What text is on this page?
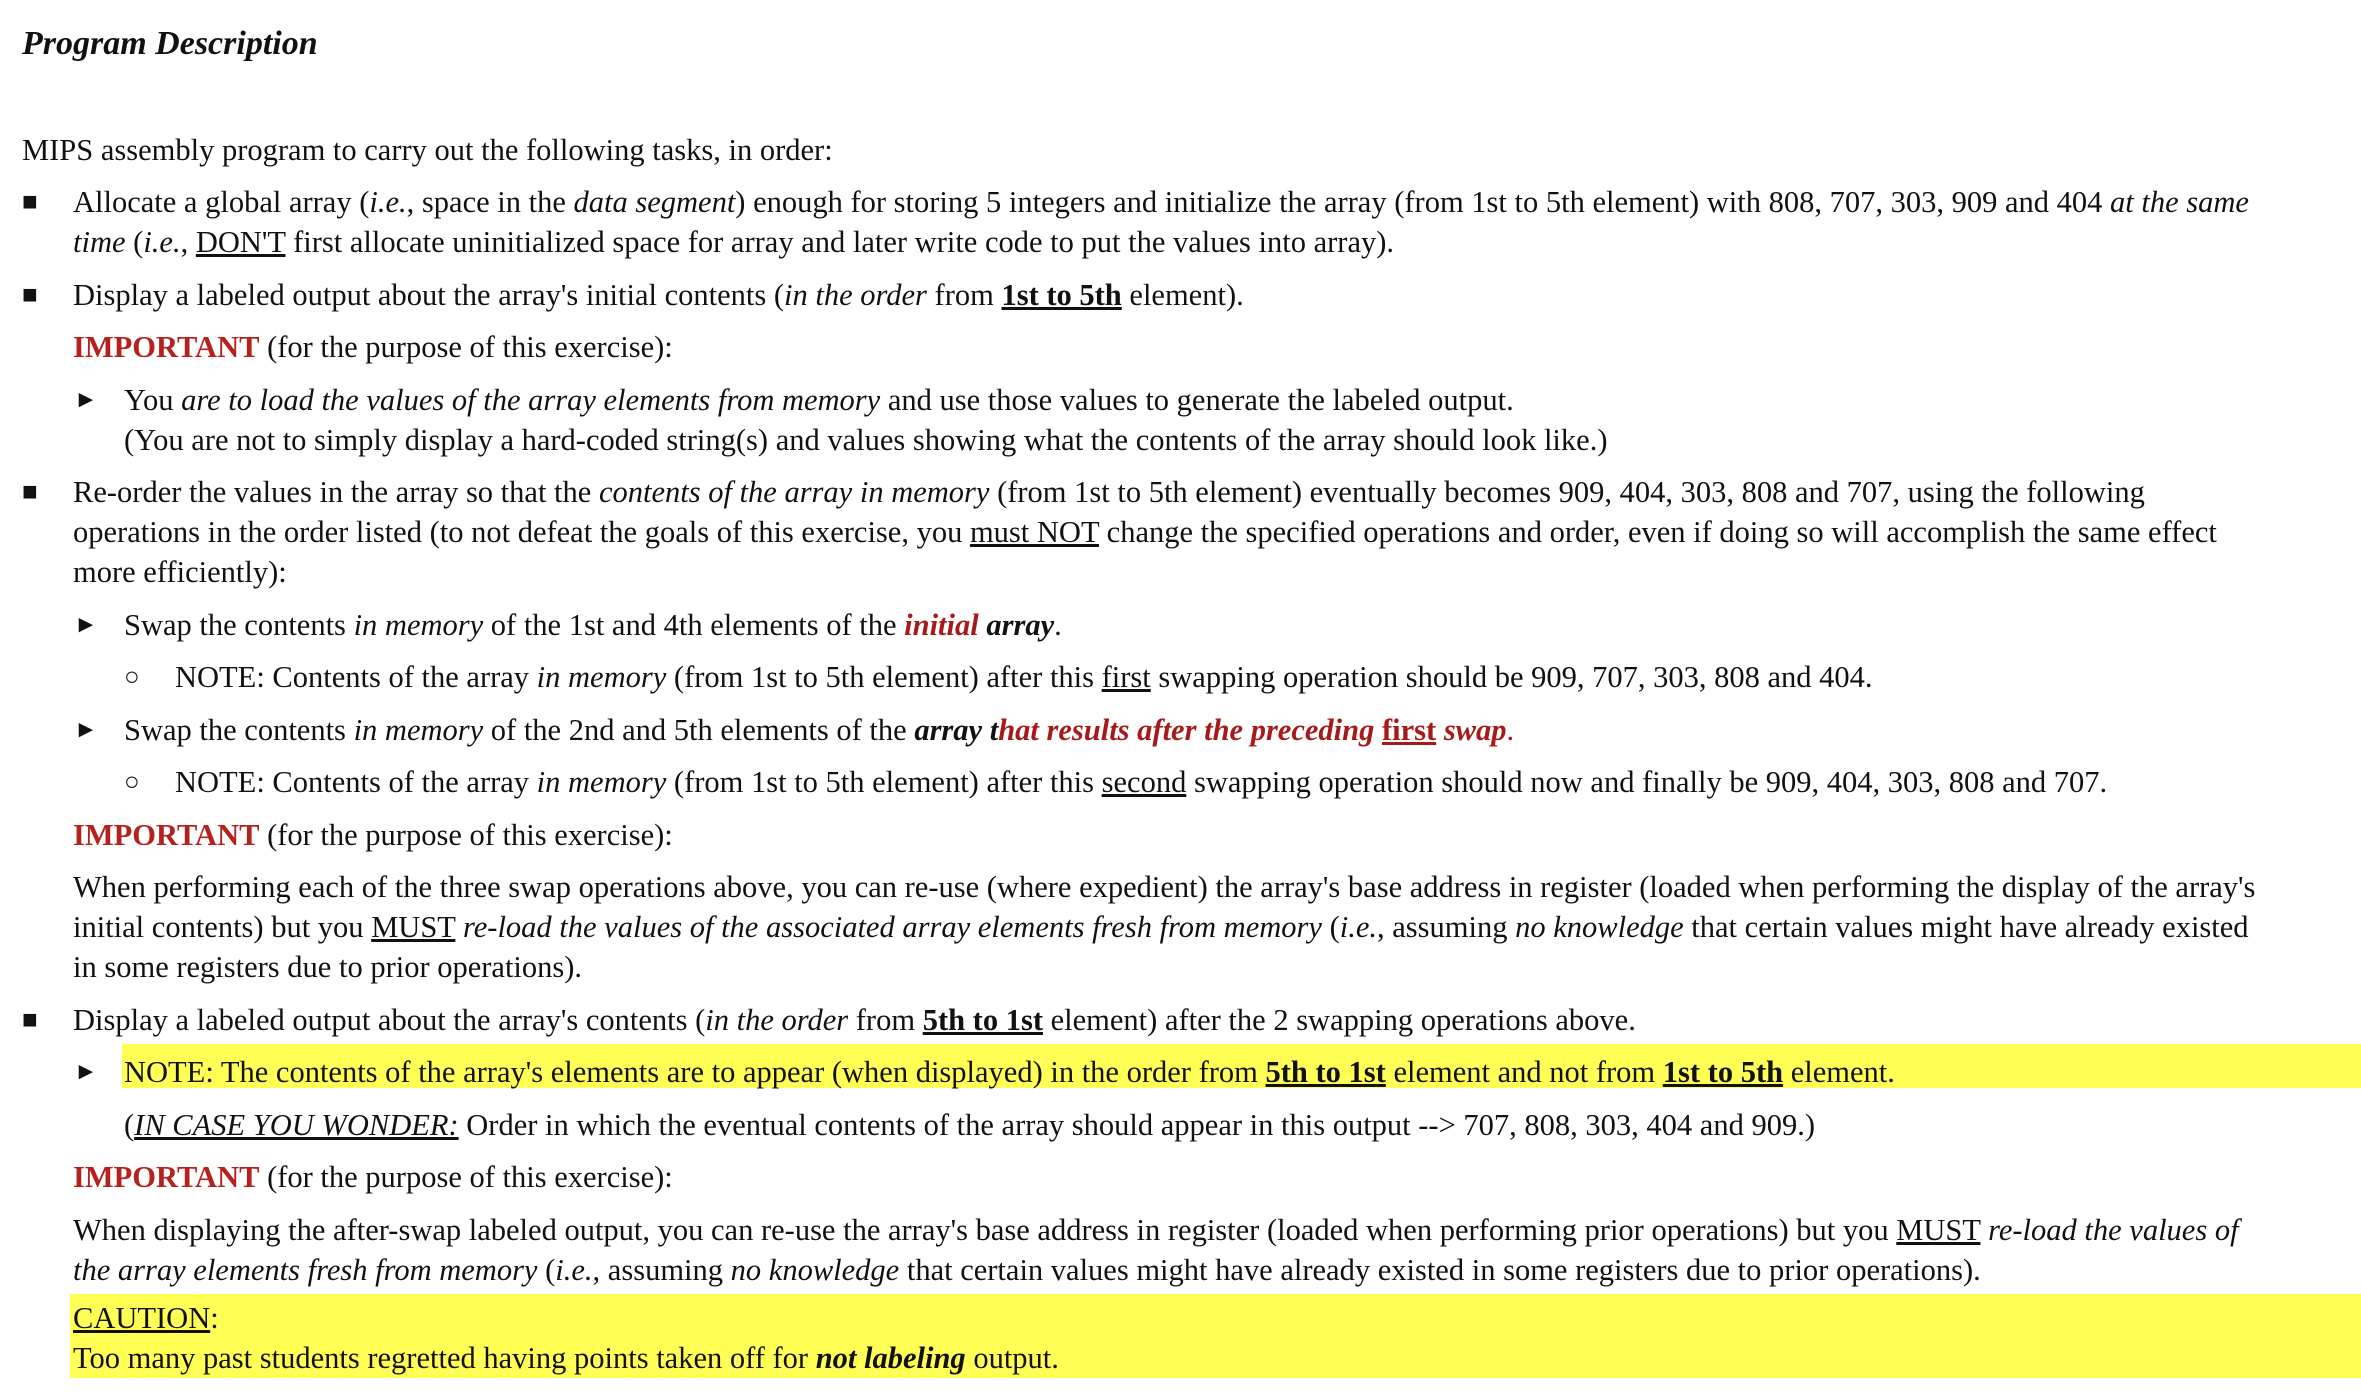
Program Description
MIPS assembly program to carry out the following tasks, in order:
■ Allocate a global array (i.e., space in the data segment) enough for storing 5 integers and initialize the array (from 1st to 5th element) with 808, 707, 303, 909 and 404 at the same
time (i.e., DON'T first allocate uninitialized space for array and later write code to put the values into array).
■ Display a labeled output about the array's initial contents (in the order from 1st to 5th element).
IMPORTANT (for the purpose of this exercise):
► You are to load the values of the array elements from memory and use those values to generate the labeled output.
(You are not to simply display a hard-coded string(s) and values showing what the contents of the array should look like.)
■ Re-order the values in the array so that the contents of the array in memory (from 1st to 5th element) eventually becomes 909, 404, 303, 808 and 707, using the following
operations in the order listed (to not defeat the goals of this exercise, you must NOT change the specified operations and order, even if doing so will accomplish the same effect
more efficiently):
► Swap the contents in memory of the 1st and 4th elements of the initial array.
○ NOTE: Contents of the array in memory (from 1st to 5th element) after this first swapping operation should be 909, 707, 303, 808 and 404.
► Swap the contents in memory of the 2nd and 5th elements of the array that results after the preceding first swap.
○ NOTE: Contents of the array in memory (from 1st to 5th element) after this second swapping operation should now and finally be 909, 404, 303, 808 and 707.
IMPORTANT (for the purpose of this exercise):
When performing each of the three swap operations above, you can re-use (where expedient) the array's base address in register (loaded when performing the display of the array's
initial contents) but you MUST re-load the values of the associated array elements fresh from memory (i.e., assuming no knowledge that certain values might have already existed
in some registers due to prior operations).
■ Display a labeled output about the array's contents (in the order from 5th to 1st element) after the 2 swapping operations above.
► NOTE: The contents of the array's elements are to appear (when displayed) in the order from 5th to 1st element and not from 1st to 5th element.
(IN CASE YOU WONDER: Order in which the eventual contents of the array should appear in this output --> 707, 808, 303, 404 and 909.)
IMPORTANT (for the purpose of this exercise):
When displaying the after-swap labeled output, you can re-use the array's base address in register (loaded when performing prior operations) but you MUST re-load the values of
the array elements fresh from memory (i.e., assuming no knowledge that certain values might have already existed in some registers due to prior operations).
CAUTION:
Too many past students regretted having points taken off for not labeling output.
